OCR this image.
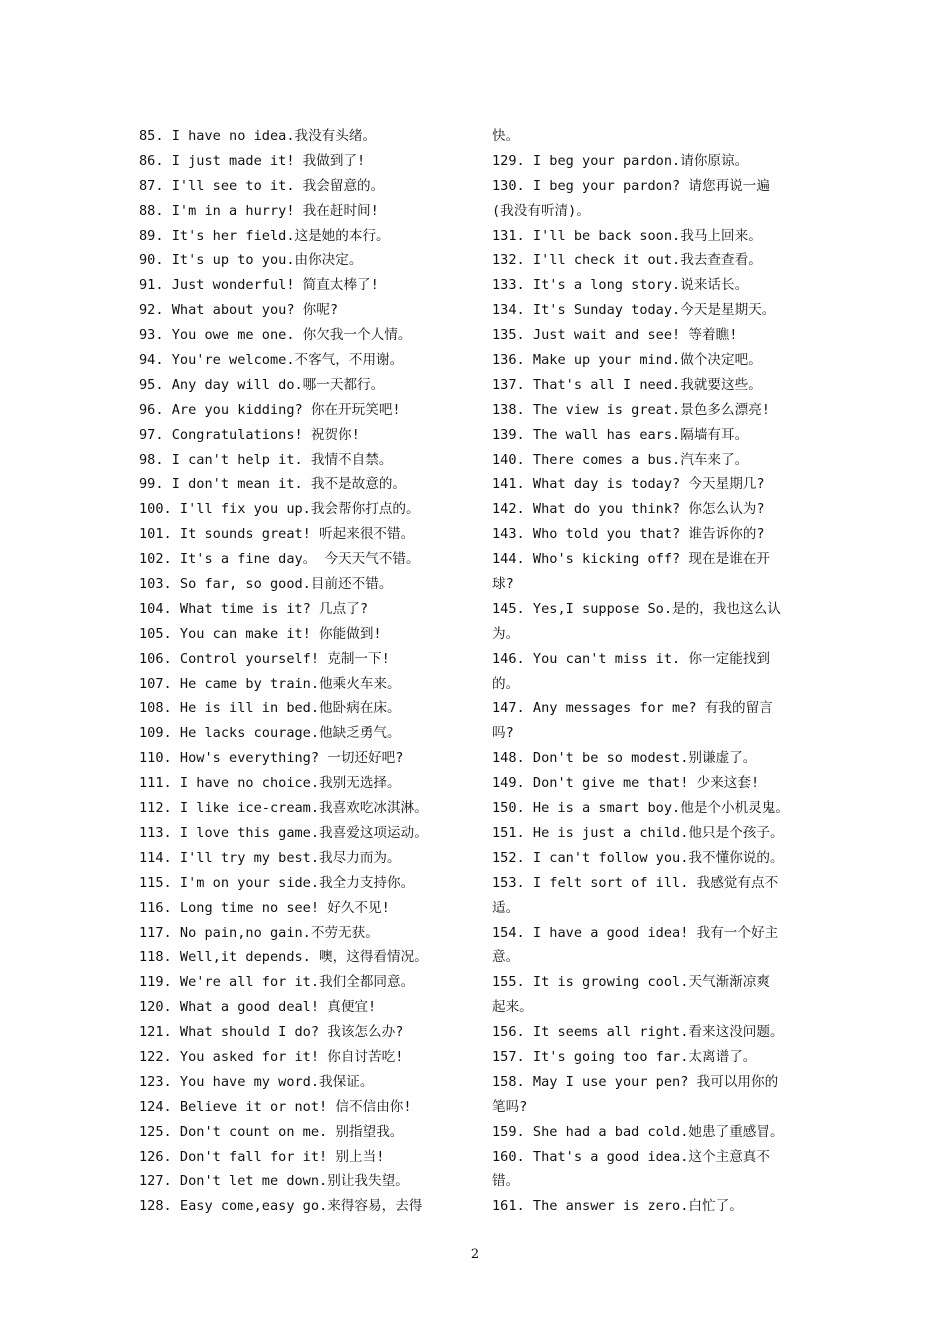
85. I have no idea.我没有头绪。
86. I just made it! 我做到了!
87. I'll see to it. 我会留意的。
88. I'm in a hurry! 我在赶时间!
89. It's her field.这是她的本行。
90. It's up to you.由你决定。
91. Just wonderful! 简直太棒了!
92. What about you? 你呢?
93. You owe me one. 你欠我一个人情。
94. You're welcome.不客气，不用谢。
95. Any day will do.哪一天都行。
96. Are you kidding? 你在开玩笑吧!
97. Congratulations! 祝贺你!
98. I can't help it. 我情不自禁。
99. I don't mean it. 我不是故意的。
100. I'll fix you up.我会帮你打点的。
101. It sounds great! 听起来很不错。
102. It's a fine day。 今天天气不错。
103. So far, so good.目前还不错。
104. What time is it? 几点了?
105. You can make it! 你能做到!
106. Control yourself! 克制一下!
107. He came by train.他乘火车来。
108. He is ill in bed.他卧病在床。
109. He lacks courage.他缺乏勇气。
110. How's everything? 一切还好吧?
111. I have no choice.我别无选择。
112. I like ice-cream.我喜欢吃冰淇淋。
113. I love this game.我喜爱这项运动。
114. I'll try my best.我尽力而为。
115. I'm on your side.我全力支持你。
116. Long time no see! 好久不见!
117. No pain,no gain.不劳无获。
118. Well,it depends. 噢，这得看情况。
119. We're all for it.我们全都同意。
120. What a good deal! 真便宜!
121. What should I do? 我该怎么办?
122. You asked for it! 你自讨苦吃!
123. You have my word.我保证。
124. Believe it or not! 信不信由你!
125. Don't count on me. 别指望我。
126. Don't fall for it! 别上当!
127. Don't let me down.别让我失望。
128. Easy come,easy go.来得容易，去得
快。
129. I beg your pardon.请你原谅。
130. I beg your pardon? 请您再说一遍
(我没有听清)。
131. I'll be back soon.我马上回来。
132. I'll check it out.我去查查看。
133. It's a long story.说来话长。
134. It's Sunday today.今天是星期天。
135. Just wait and see! 等着瞧!
136. Make up your mind.做个决定吧。
137. That's all I need.我就要这些。
138. The view is great.景色多么漂亮!
139. The wall has ears.隔墙有耳。
140. There comes a bus.汽车来了。
141. What day is today? 今天星期几?
142. What do you think? 你怎么认为?
143. Who told you that? 谁告诉你的?
144. Who's kicking off? 现在是谁在开
球?
145. Yes,I suppose So.是的，我也这么认
为。
146. You can't miss it. 你一定能找到
的。
147. Any messages for me? 有我的留言
吗?
148. Don't be so modest.别谦虚了。
149. Don't give me that! 少来这套!
150. He is a smart boy.他是个小机灵鬼。
151. He is just a child.他只是个孩子。
152. I can't follow you.我不懂你说的。
153. I felt sort of ill. 我感觉有点不
适。
154. I have a good idea! 我有一个好主
意。
155. It is growing cool.天气渐渐凉爽
起来。
156. It seems all right.看来这没问题。
157. It's going too far.太离谱了。
158. May I use your pen? 我可以用你的
笔吗?
159. She had a bad cold.她患了重感冒。
160. That's a good idea.这个主意真不
错。
161. The answer is zero.白忙了。
2
